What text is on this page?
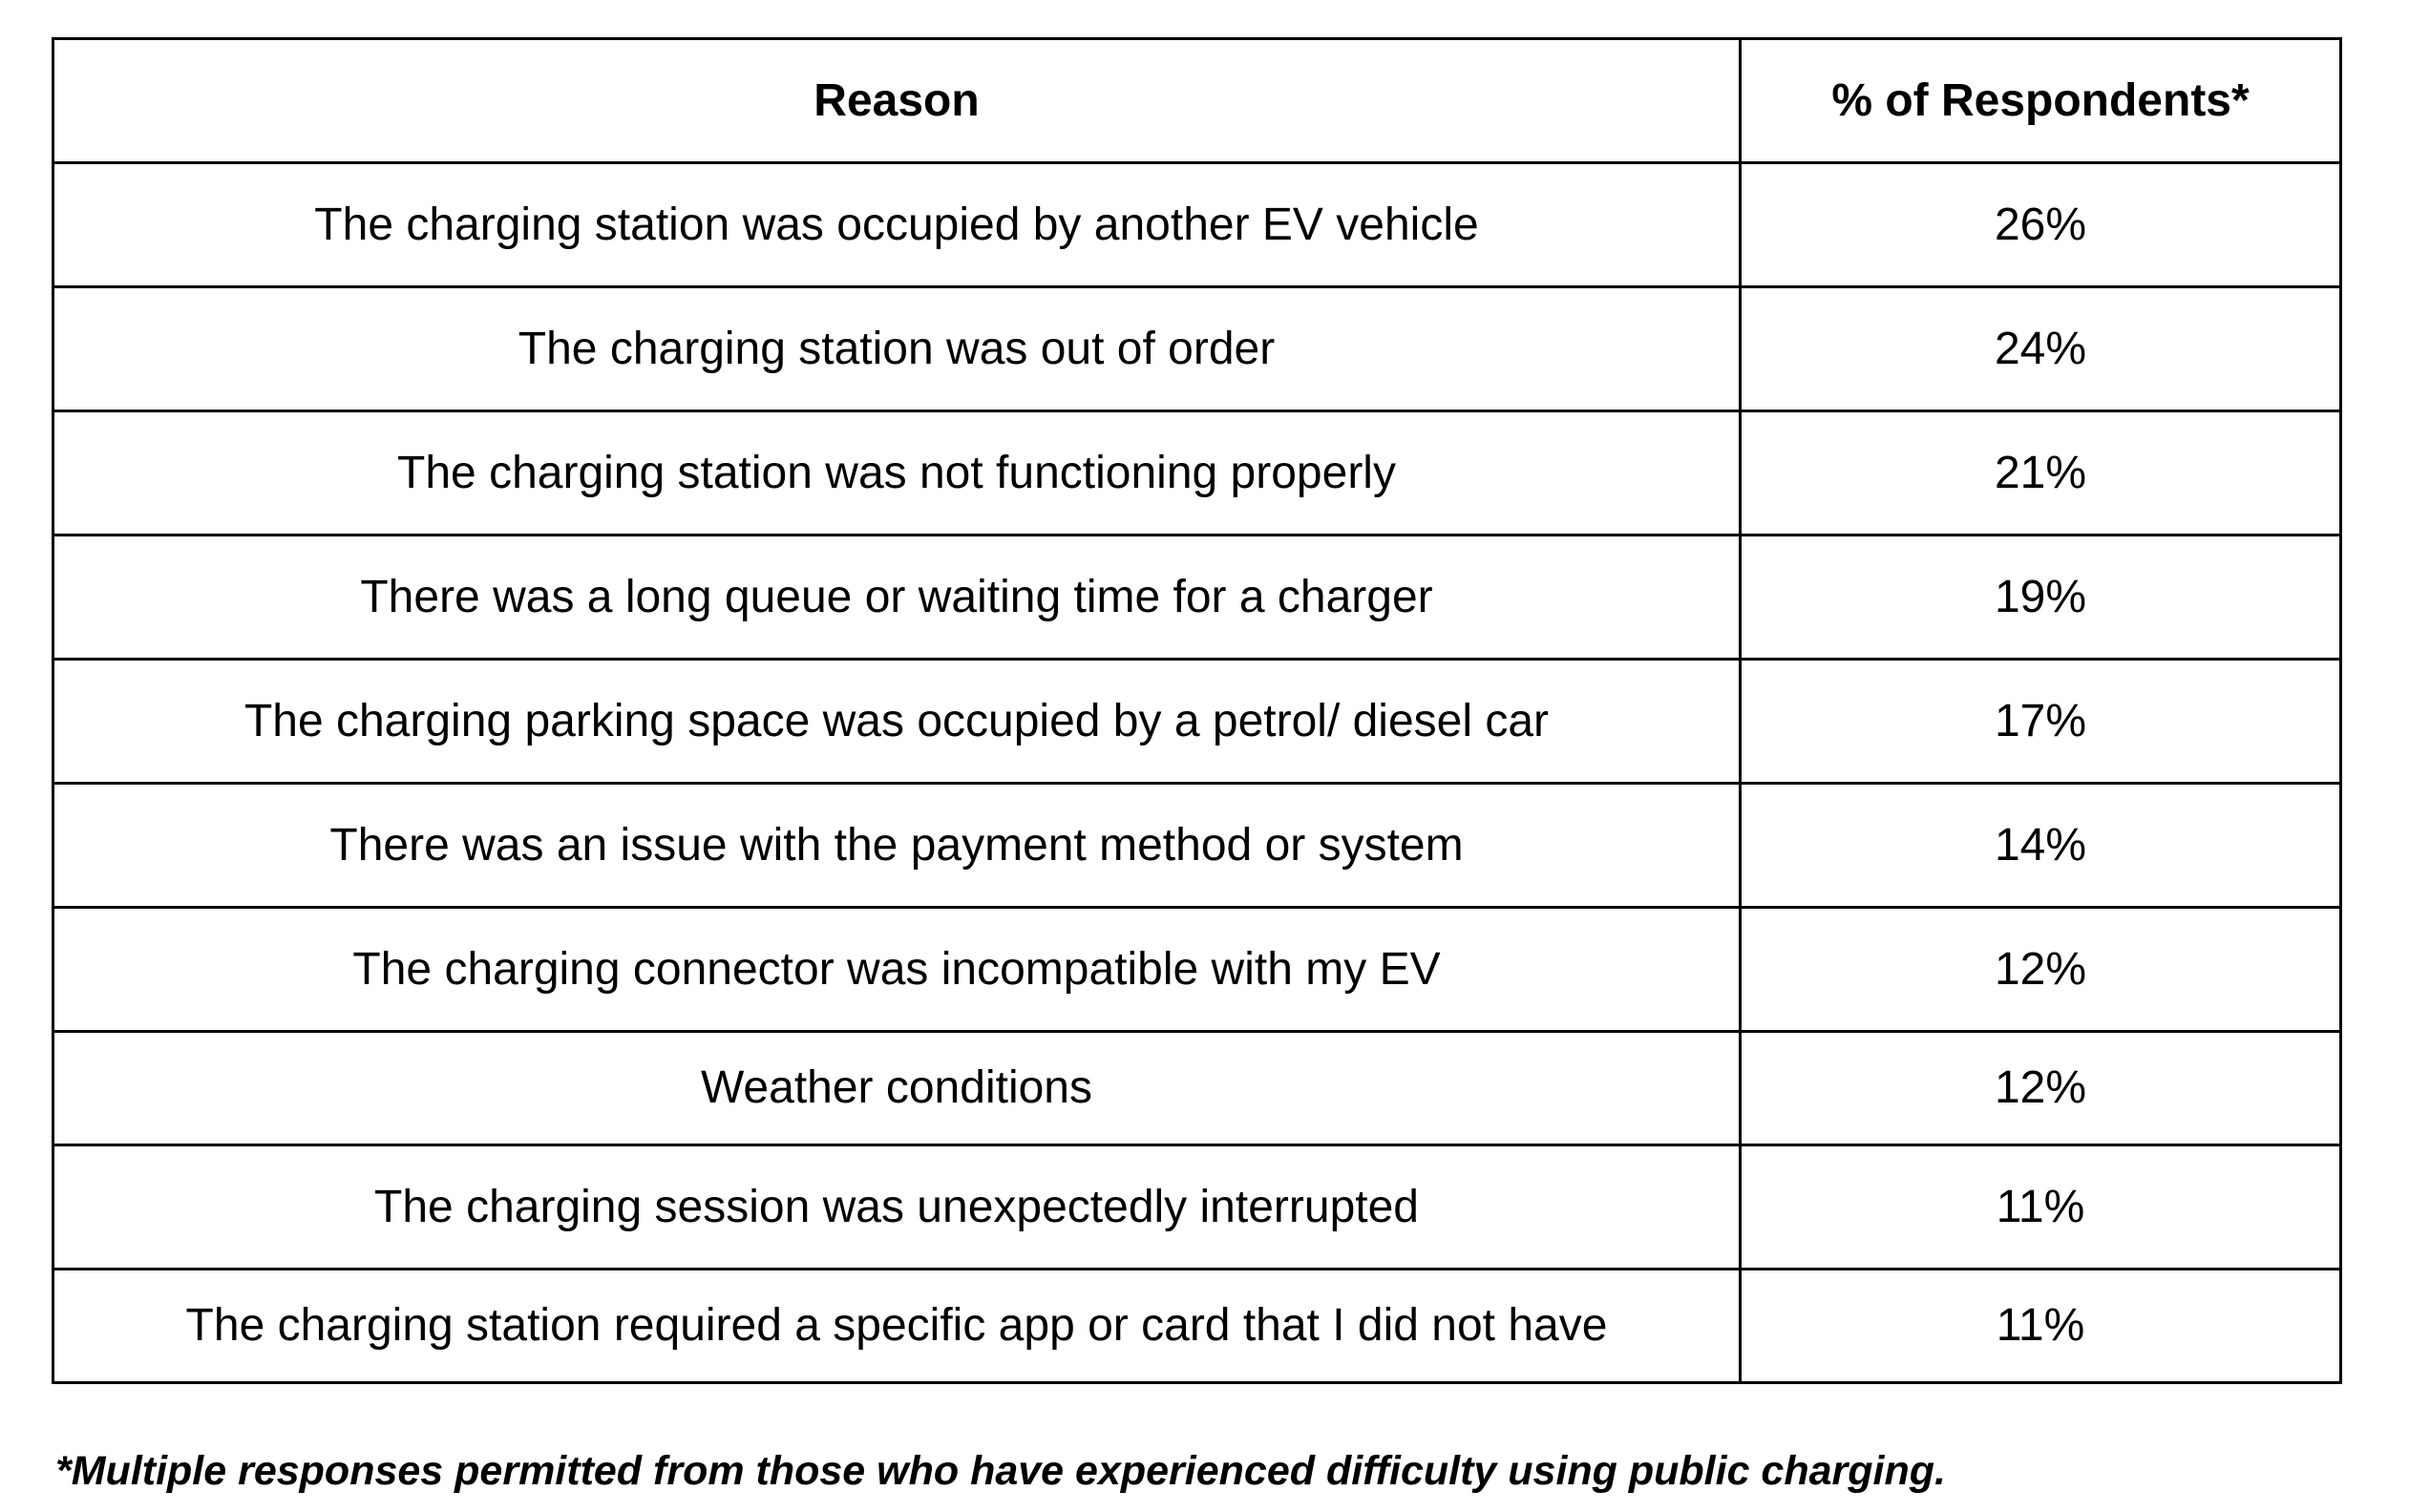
Reason	% of Respondents*
The charging station was occupied by another EV vehicle	26%
The charging station was out of order	24%
The charging station was not functioning properly	21%
There was a long queue or waiting time for a charger	19%
The charging parking space was occupied by a petrol/ diesel car	17%
There was an issue with the payment method or system	14%
The charging connector was incompatible with my EV	12%
Weather conditions	12%
The charging session was unexpectedly interrupted	11%
The charging station required a specific app or card that I did not have	11%
*Multiple responses permitted from those who have experienced difficulty using public charging.
